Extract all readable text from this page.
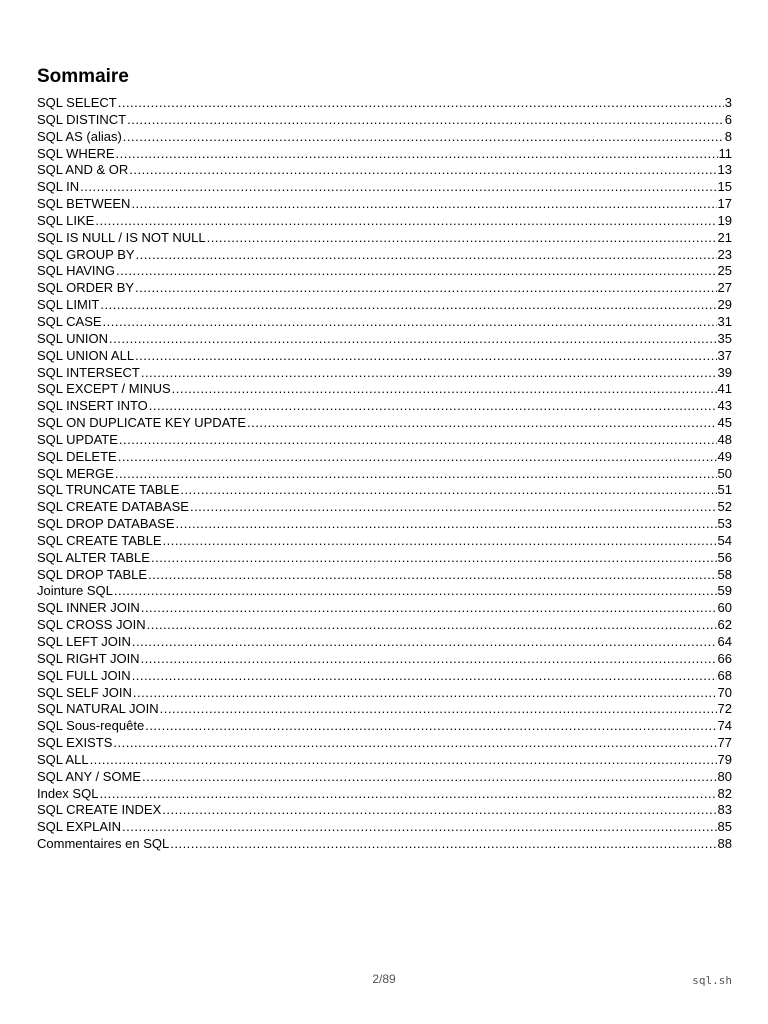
Sommaire
SQL SELECT .....	3
SQL DISTINCT .....	6
SQL AS (alias) .....	8
SQL WHERE .....	11
SQL AND & OR .....	13
SQL IN .....	15
SQL BETWEEN .....	17
SQL LIKE .....	19
SQL IS NULL / IS NOT NULL .....	21
SQL GROUP BY .....	23
SQL HAVING .....	25
SQL ORDER BY .....	27
SQL LIMIT .....	29
SQL CASE .....	31
SQL UNION .....	35
SQL UNION ALL .....	37
SQL INTERSECT .....	39
SQL EXCEPT / MINUS .....	41
SQL INSERT INTO .....	43
SQL ON DUPLICATE KEY UPDATE .....	45
SQL UPDATE .....	48
SQL DELETE .....	49
SQL MERGE .....	50
SQL TRUNCATE TABLE .....	51
SQL CREATE DATABASE .....	52
SQL DROP DATABASE .....	53
SQL CREATE TABLE .....	54
SQL ALTER TABLE .....	56
SQL DROP TABLE .....	58
Jointure SQL .....	59
SQL INNER JOIN .....	60
SQL CROSS JOIN .....	62
SQL LEFT JOIN .....	64
SQL RIGHT JOIN .....	66
SQL FULL JOIN .....	68
SQL SELF JOIN .....	70
SQL NATURAL JOIN .....	72
SQL Sous-requête .....	74
SQL EXISTS .....	77
SQL ALL .....	79
SQL ANY / SOME .....	80
Index SQL .....	82
SQL CREATE INDEX .....	83
SQL EXPLAIN .....	85
Commentaires en SQL .....	88
2/89	sql.sh
